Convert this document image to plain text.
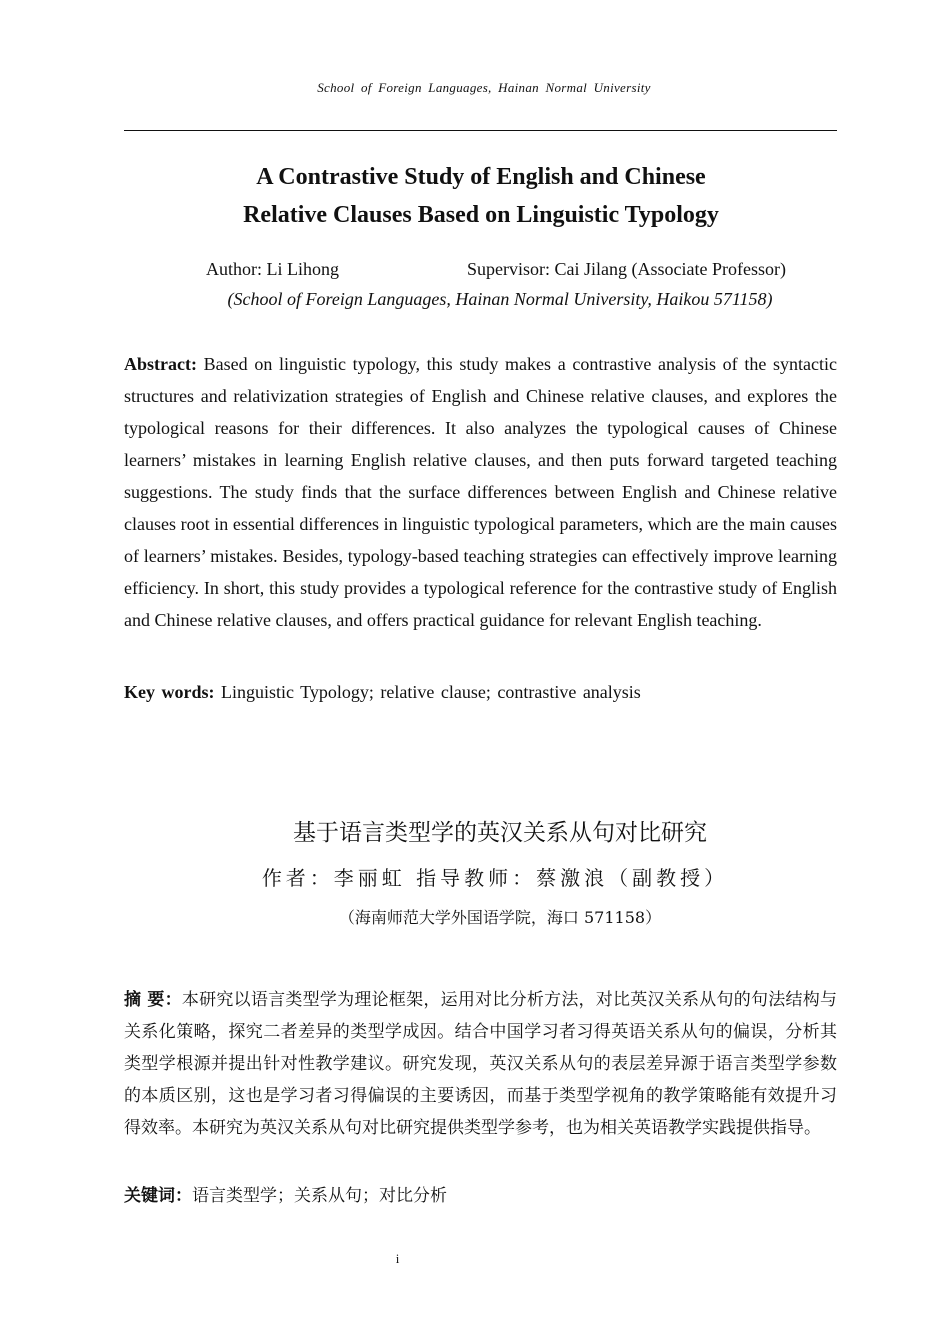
School of Foreign Languages, Hainan Normal University
A Contrastive Study of English and Chinese
Relative Clauses Based on Linguistic Typology
Author: Li Lihong	Supervisor: Cai Jilang (Associate Professor)
(School of Foreign Languages, Hainan Normal University, Haikou 571158)

Abstract: Based on linguistic typology, this study makes a contrastive analysis of the syntactic structures and relativization strategies of English and Chinese relative clauses, and explores the typological reasons for their differences. It also analyzes the typological causes of Chinese learners’ mistakes in learning English relative clauses, and then puts forward targeted teaching suggestions. The study finds that the surface differences between English and Chinese relative clauses root in essential differences in linguistic typological parameters, which are the main causes of learners’ mistakes. Besides, typology-based teaching strategies can effectively improve learning efficiency. In short, this study provides a typological reference for the contrastive study of English and Chinese relative clauses, and offers practical guidance for relevant English teaching.

Key words: Linguistic Typology; relative clause; contrastive analysis

基于语言类型学的英汉关系从句对比研究
作者：李丽虹 指导教师：蔡激浪（副教授）
（海南师范大学外国语学院，海口 571158）

摘 要：本研究以语言类型学为理论框架，运用对比分析方法，对比英汉关系从句的句法结构与关系化策略，探究二者差异的类型学成因。结合中国学习者习得英语关系从句的偏误，分析其类型学根源并提出针对性教学建议。研究发现，英汉关系从句的表层差异源于语言类型学参数的本质区别，这也是学习者习得偏误的主要诱因，而基于类型学视角的教学策略能有效提升习得效率。本研究为英汉关系从句对比研究提供类型学参考，也为相关英语教学实践提供指导。

关键词：语言类型学；关系从句；对比分析

i
